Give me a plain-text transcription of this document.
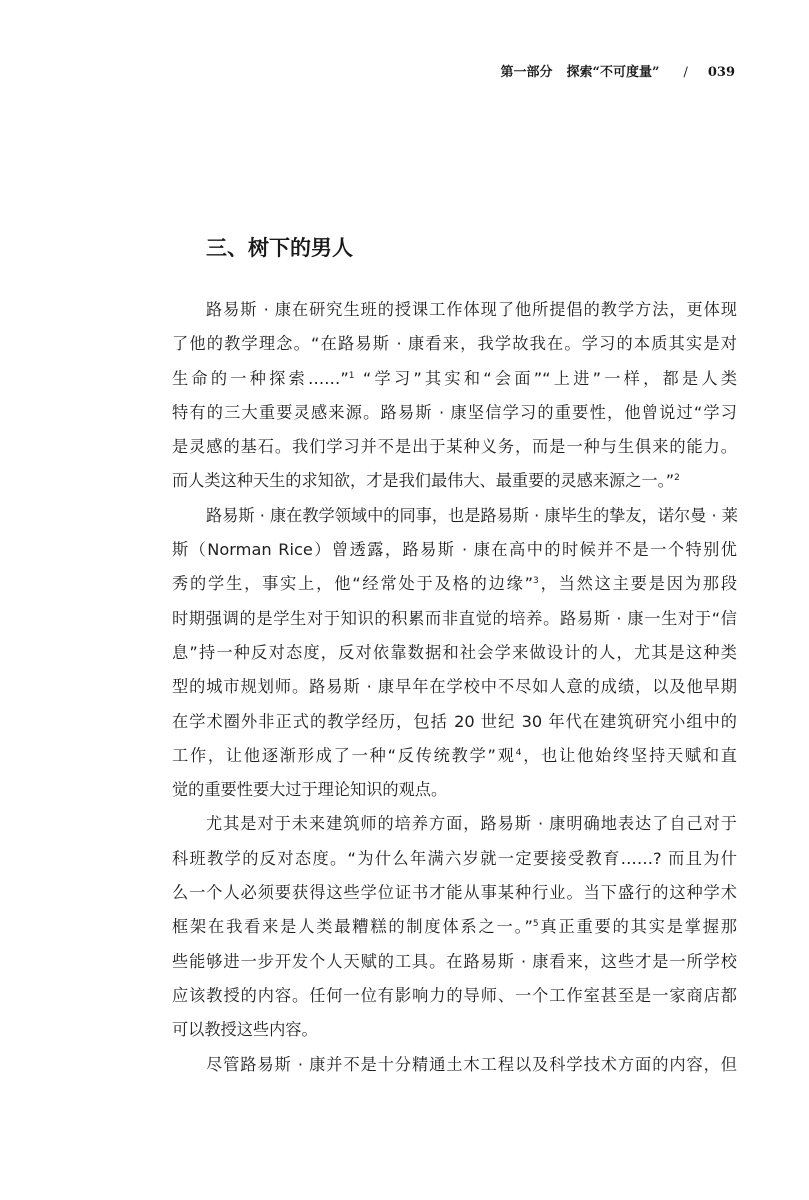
第一部分 探索“不可度量” / 039
三、树下的男人
路易斯 · 康在研究生班的授课工作体现了他所提倡的教学方法，更体现
了他的教学理念。“在路易斯 · 康看来，我学故我在。学习的本质其实是对
生命的一种探索……”$^1$ “学习”其实和“会面”“上进”一样，都是人类
特有的三大重要灵感来源。路易斯 · 康坚信学习的重要性，他曾说过“学习
是灵感的基石。我们学习并不是出于某种义务，而是一种与生俱来的能力。
而人类这种天生的求知欲，才是我们最伟大、最重要的灵感来源之一。”$^2$
路易斯 · 康在教学领域中的同事，也是路易斯 · 康毕生的挚友，诺尔曼 · 莱
斯（Norman Rice）曾透露，路易斯 · 康在高中的时候并不是一个特别优
秀的学生，事实上，他“经常处于及格的边缘”$^3$，当然这主要是因为那段
时期强调的是学生对于知识的积累而非直觉的培养。路易斯 · 康一生对于“信
息”持一种反对态度，反对依靠数据和社会学来做设计的人，尤其是这种类
型的城市规划师。路易斯 · 康早年在学校中不尽如人意的成绩，以及他早期
在学术圈外非正式的教学经历，包括 20 世纪 30 年代在建筑研究小组中的
工作，让他逐渐形成了一种“反传统教学”观$^4$，也让他始终坚持天赋和直
觉的重要性要大过于理论知识的观点。
尤其是对于未来建筑师的培养方面，路易斯 · 康明确地表达了自己对于
科班教学的反对态度。“为什么年满六岁就一定要接受教育……? 而且为什
么一个人必须要获得这些学位证书才能从事某种行业。当下盛行的这种学术
框架在我看来是人类最糟糕的制度体系之一。”$^5$真正重要的其实是掌握那
些能够进一步开发个人天赋的工具。在路易斯 · 康看来，这些才是一所学校
应该教授的内容。任何一位有影响力的导师、一个工作室甚至是一家商店都
可以教授这些内容。
尽管路易斯 · 康并不是十分精通土木工程以及科学技术方面的内容，但
